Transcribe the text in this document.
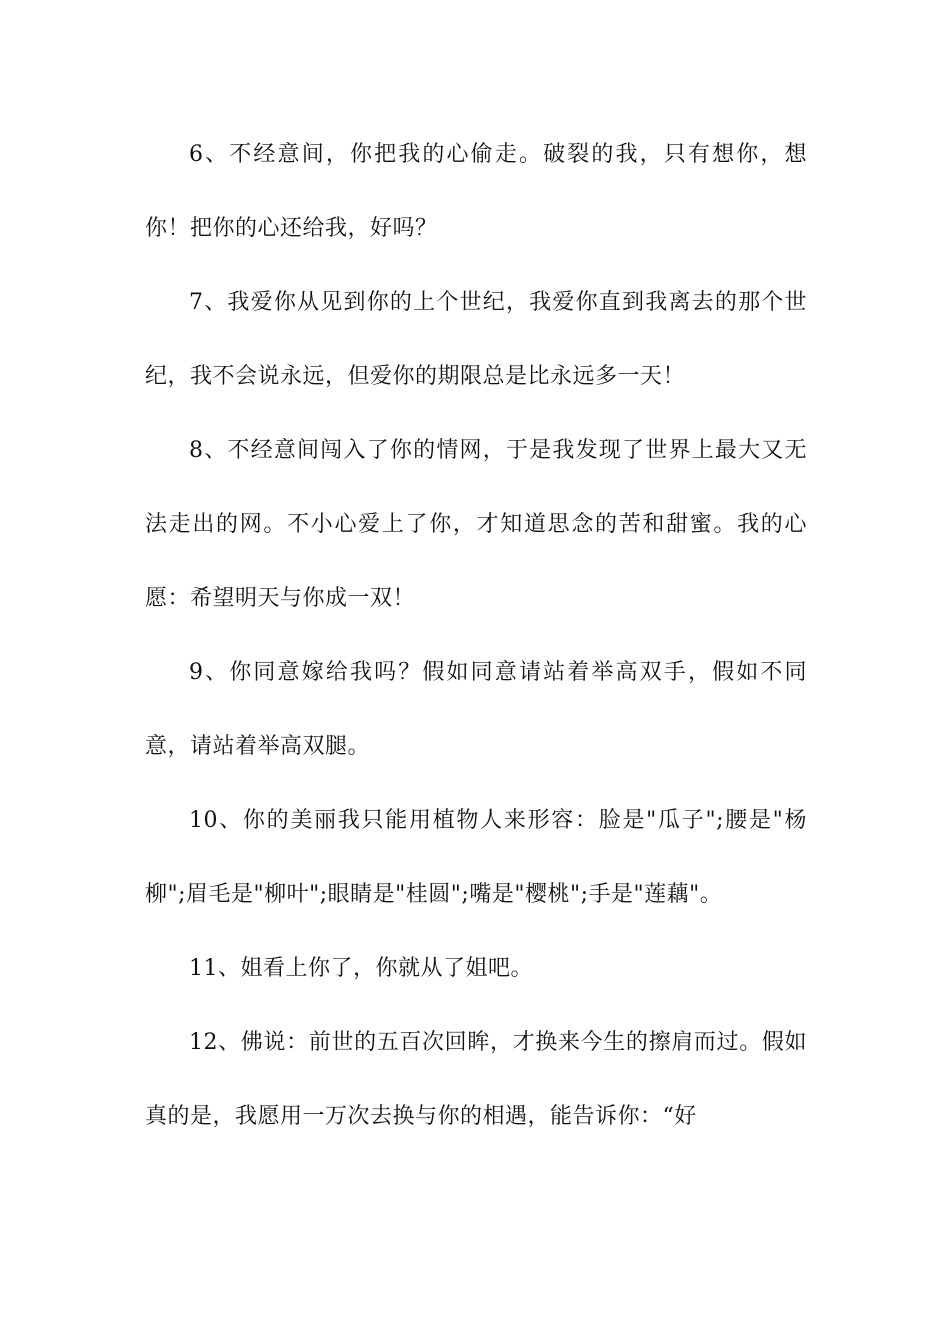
6、不经意间，你把我的心偷走。破裂的我，只有想你，想你！把你的心还给我，好吗？

7、我爱你从见到你的上个世纪，我爱你直到我离去的那个世纪，我不会说永远，但爱你的期限总是比永远多一天！

8、不经意间闯入了你的情网，于是我发现了世界上最大又无法走出的网。不小心爱上了你，才知道思念的苦和甜蜜。我的心愿：希望明天与你成一双！

9、你同意嫁给我吗？假如同意请站着举高双手，假如不同意，请站着举高双腿。

10、你的美丽我只能用植物人来形容：脸是"瓜子";腰是"杨柳";眉毛是"柳叶";眼睛是"桂圆";嘴是"樱桃";手是"莲藕"。

11、姐看上你了，你就从了姐吧。

12、佛说：前世的五百次回眸，才换来今生的擦肩而过。假如真的是，我愿用一万次去换与你的相遇，能告诉你：“好
